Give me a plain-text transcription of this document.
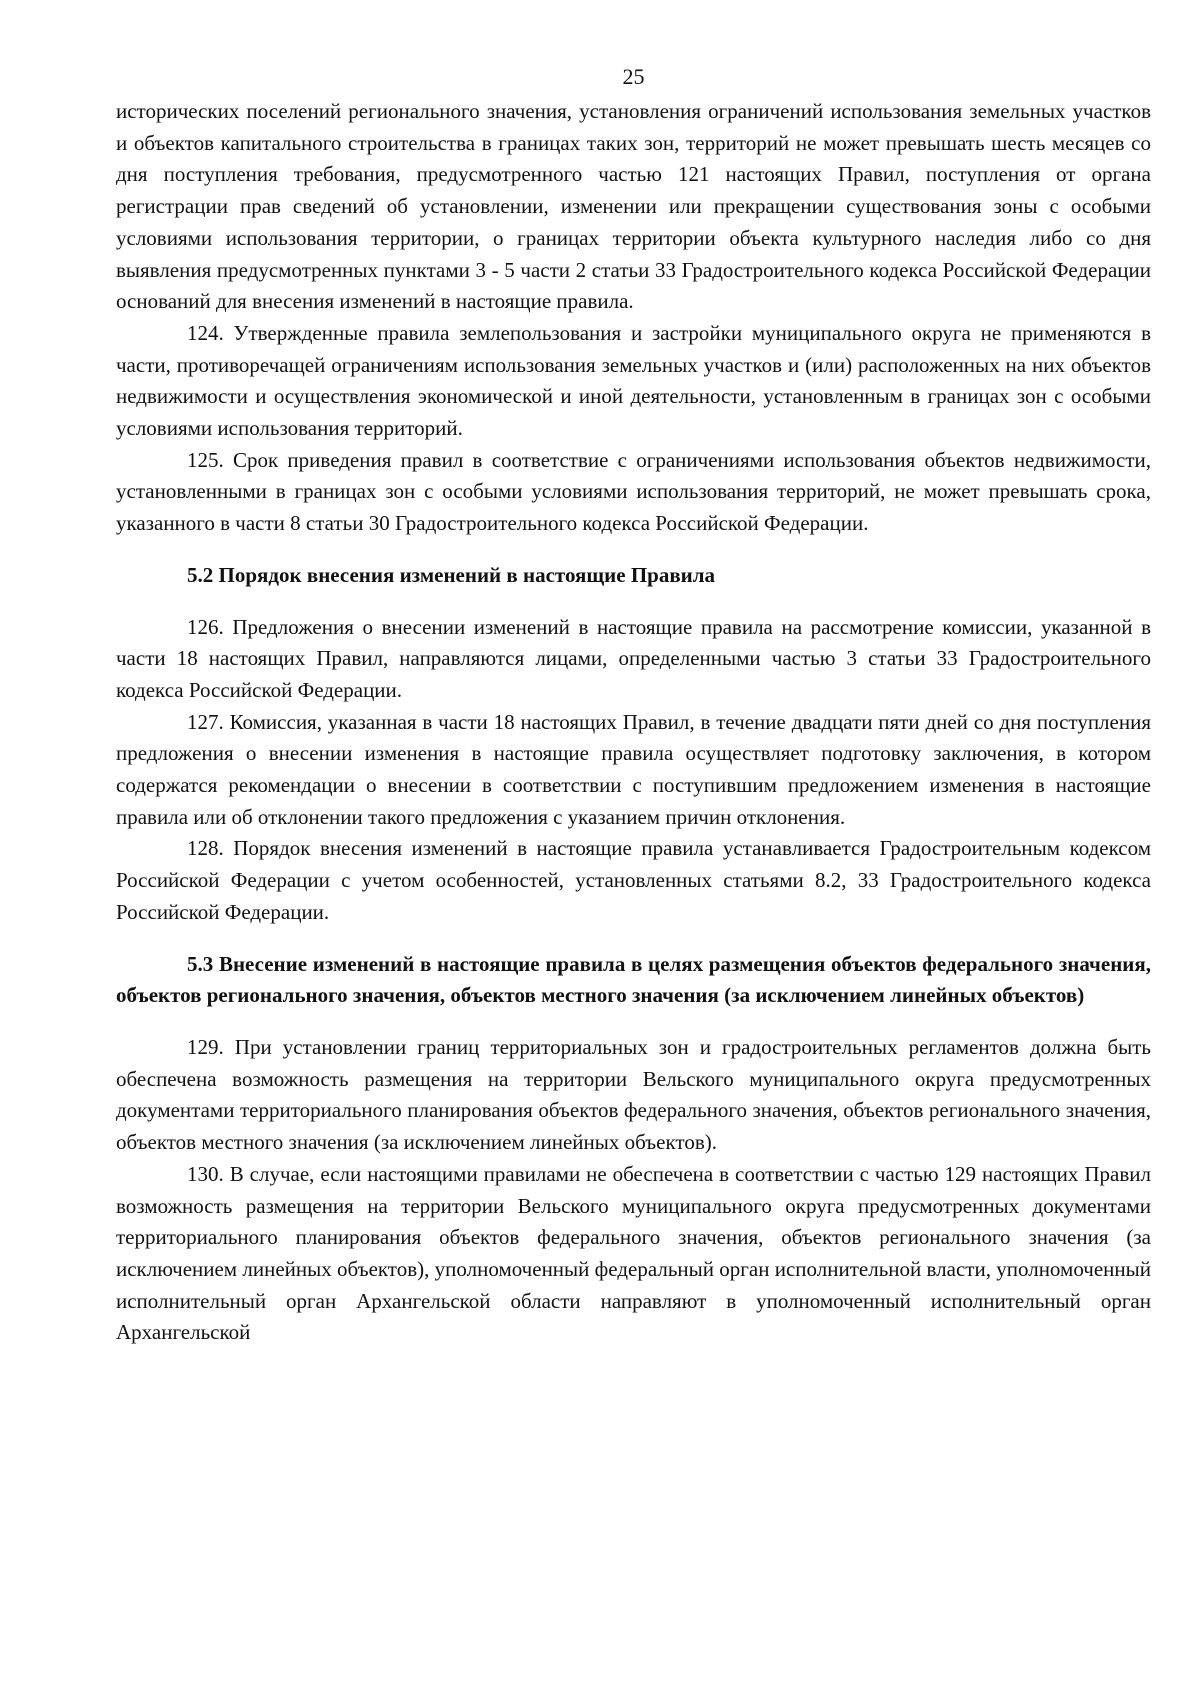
25

исторических поселений регионального значения, установления ограничений использования земельных участков и объектов капитального строительства в границах таких зон, территорий не может превышать шесть месяцев со дня поступления требования, предусмотренного частью 121 настоящих Правил, поступления от органа регистрации прав сведений об установлении, изменении или прекращении существования зоны с особыми условиями использования территории, о границах территории объекта культурного наследия либо со дня выявления предусмотренных пунктами 3 - 5 части 2 статьи 33 Градостроительного кодекса Российской Федерации оснований для внесения изменений в настоящие правила.

124. Утвержденные правила землепользования и застройки муниципального округа не применяются в части, противоречащей ограничениям использования земельных участков и (или) расположенных на них объектов недвижимости и осуществления экономической и иной деятельности, установленным в границах зон с особыми условиями использования территорий.

125. Срок приведения правил в соответствие с ограничениями использования объектов недвижимости, установленными в границах зон с особыми условиями использования территорий, не может превышать срока, указанного в части 8 статьи 30 Градостроительного кодекса Российской Федерации.

5.2 Порядок внесения изменений в настоящие Правила

126. Предложения о внесении изменений в настоящие правила на рассмотрение комиссии, указанной в части 18 настоящих Правил, направляются лицами, определенными частью 3 статьи 33 Градостроительного кодекса Российской Федерации.

127. Комиссия, указанная в части 18 настоящих Правил, в течение двадцати пяти дней со дня поступления предложения о внесении изменения в настоящие правила осуществляет подготовку заключения, в котором содержатся рекомендации о внесении в соответствии с поступившим предложением изменения в настоящие правила или об отклонении такого предложения с указанием причин отклонения.

128. Порядок внесения изменений в настоящие правила устанавливается Градостроительным кодексом Российской Федерации с учетом особенностей, установленных статьями 8.2, 33 Градостроительного кодекса Российской Федерации.

5.3 Внесение изменений в настоящие правила в целях размещения объектов федерального значения, объектов регионального значения, объектов местного значения (за исключением линейных объектов)

129. При установлении границ территориальных зон и градостроительных регламентов должна быть обеспечена возможность размещения на территории Вельского муниципального округа предусмотренных документами территориального планирования объектов федерального значения, объектов регионального значения, объектов местного значения (за исключением линейных объектов).

130. В случае, если настоящими правилами не обеспечена в соответствии с частью 129 настоящих Правил возможность размещения на территории Вельского муниципального округа предусмотренных документами территориального планирования объектов федерального значения, объектов регионального значения (за исключением линейных объектов), уполномоченный федеральный орган исполнительной власти, уполномоченный исполнительный орган Архангельской области направляют в уполномоченный исполнительный орган Архангельской
